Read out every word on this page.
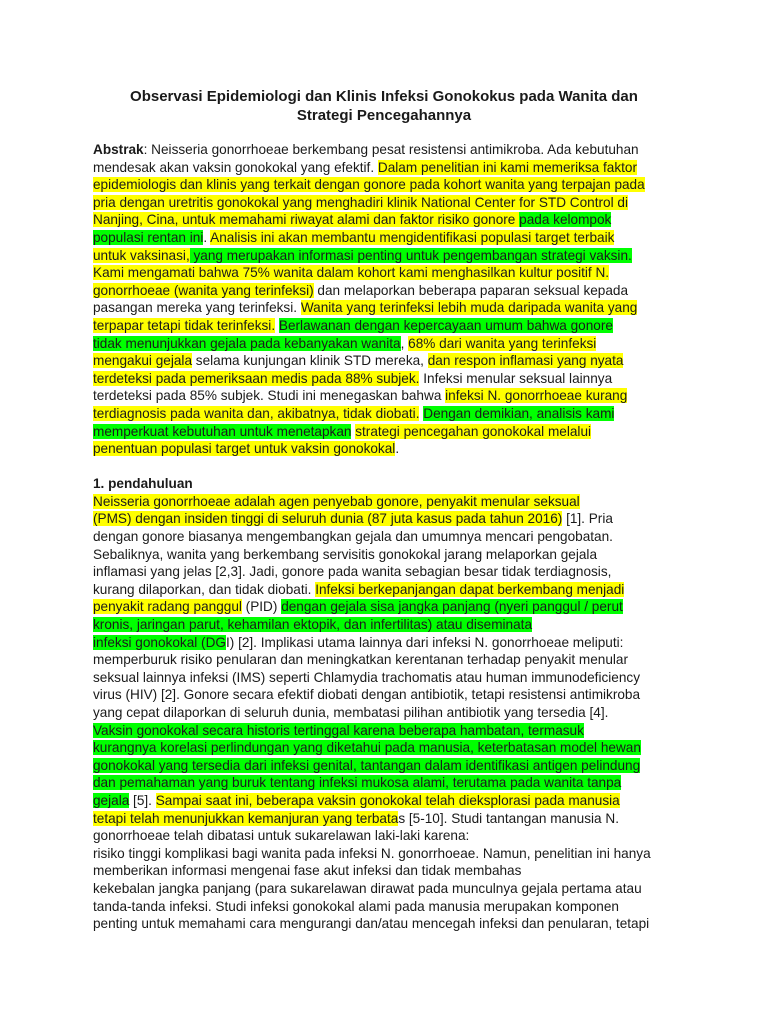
Observasi Epidemiologi dan Klinis Infeksi Gonokokus pada Wanita dan
Strategi Pencegahannya
Abstrak: Neisseria gonorrhoeae berkembang pesat resistensi antimikroba. Ada kebutuhan
mendesak akan vaksin gonokokal yang efektif. Dalam penelitian ini kami memeriksa faktor
epidemiologis dan klinis yang terkait dengan gonore pada kohort wanita yang terpajan pada
pria dengan uretritis gonokokal yang menghadiri klinik National Center for STD Control di
Nanjing, Cina, untuk memahami riwayat alami dan faktor risiko gonore pada kelompok
populasi rentan ini. Analisis ini akan membantu mengidentifikasi populasi target terbaik
untuk vaksinasi, yang merupakan informasi penting untuk pengembangan strategi vaksin.
Kami mengamati bahwa 75% wanita dalam kohort kami menghasilkan kultur positif N.
gonorrhoeae (wanita yang terinfeksi) dan melaporkan beberapa paparan seksual kepada
pasangan mereka yang terinfeksi. Wanita yang terinfeksi lebih muda daripada wanita yang
terpapar tetapi tidak terinfeksi. Berlawanan dengan kepercayaan umum bahwa gonore
tidak menunjukkan gejala pada kebanyakan wanita, 68% dari wanita yang terinfeksi
mengakui gejala selama kunjungan klinik STD mereka, dan respon inflamasi yang nyata
terdeteksi pada pemeriksaan medis pada 88% subjek. Infeksi menular seksual lainnya
terdeteksi pada 85% subjek. Studi ini menegaskan bahwa infeksi N. gonorrhoeae kurang
terdiagnosis pada wanita dan, akibatnya, tidak diobati. Dengan demikian, analisis kami
memperkuat kebutuhan untuk menetapkan strategi pencegahan gonokokal melalui
penentuan populasi target untuk vaksin gonokokal.
1. pendahuluan
Neisseria gonorrhoeae adalah agen penyebab gonore, penyakit menular seksual
(PMS) dengan insiden tinggi di seluruh dunia (87 juta kasus pada tahun 2016) [1]. Pria
dengan gonore biasanya mengembangkan gejala dan umumnya mencari pengobatan.
Sebaliknya, wanita yang berkembang servisitis gonokokal jarang melaporkan gejala
inflamasi yang jelas [2,3]. Jadi, gonore pada wanita sebagian besar tidak terdiagnosis,
kurang dilaporkan, dan tidak diobati. Infeksi berkepanjangan dapat berkembang menjadi
penyakit radang panggul (PID) dengan gejala sisa jangka panjang (nyeri panggul / perut
kronis, jaringan parut, kehamilan ektopik, dan infertilitas) atau diseminata
infeksi gonokokal (DGI) [2]. Implikasi utama lainnya dari infeksi N. gonorrhoeae meliputi:
memperburuk risiko penularan dan meningkatkan kerentanan terhadap penyakit menular
seksual lainnya infeksi (IMS) seperti Chlamydia trachomatis atau human immunodeficiency
virus (HIV) [2]. Gonore secara efektif diobati dengan antibiotik, tetapi resistensi antimikroba
yang cepat dilaporkan di seluruh dunia, membatasi pilihan antibiotik yang tersedia [4].
Vaksin gonokokal secara historis tertinggal karena beberapa hambatan, termasuk
kurangnya korelasi perlindungan yang diketahui pada manusia, keterbatasan model hewan
gonokokal yang tersedia dari infeksi genital, tantangan dalam identifikasi antigen pelindung
dan pemahaman yang buruk tentang infeksi mukosa alami, terutama pada wanita tanpa
gejala [5]. Sampai saat ini, beberapa vaksin gonokokal telah dieksplorasi pada manusia
tetapi telah menunjukkan kemanjuran yang terbatas [5-10]. Studi tantangan manusia N.
gonorrhoeae telah dibatasi untuk sukarelawan laki-laki karena:
risiko tinggi komplikasi bagi wanita pada infeksi N. gonorrhoeae. Namun, penelitian ini hanya
memberikan informasi mengenai fase akut infeksi dan tidak membahas
kekebalan jangka panjang (para sukarelawan dirawat pada munculnya gejala pertama atau
tanda-tanda infeksi. Studi infeksi gonokokal alami pada manusia merupakan komponen
penting untuk memahami cara mengurangi dan/atau mencegah infeksi dan penularan, tetapi
